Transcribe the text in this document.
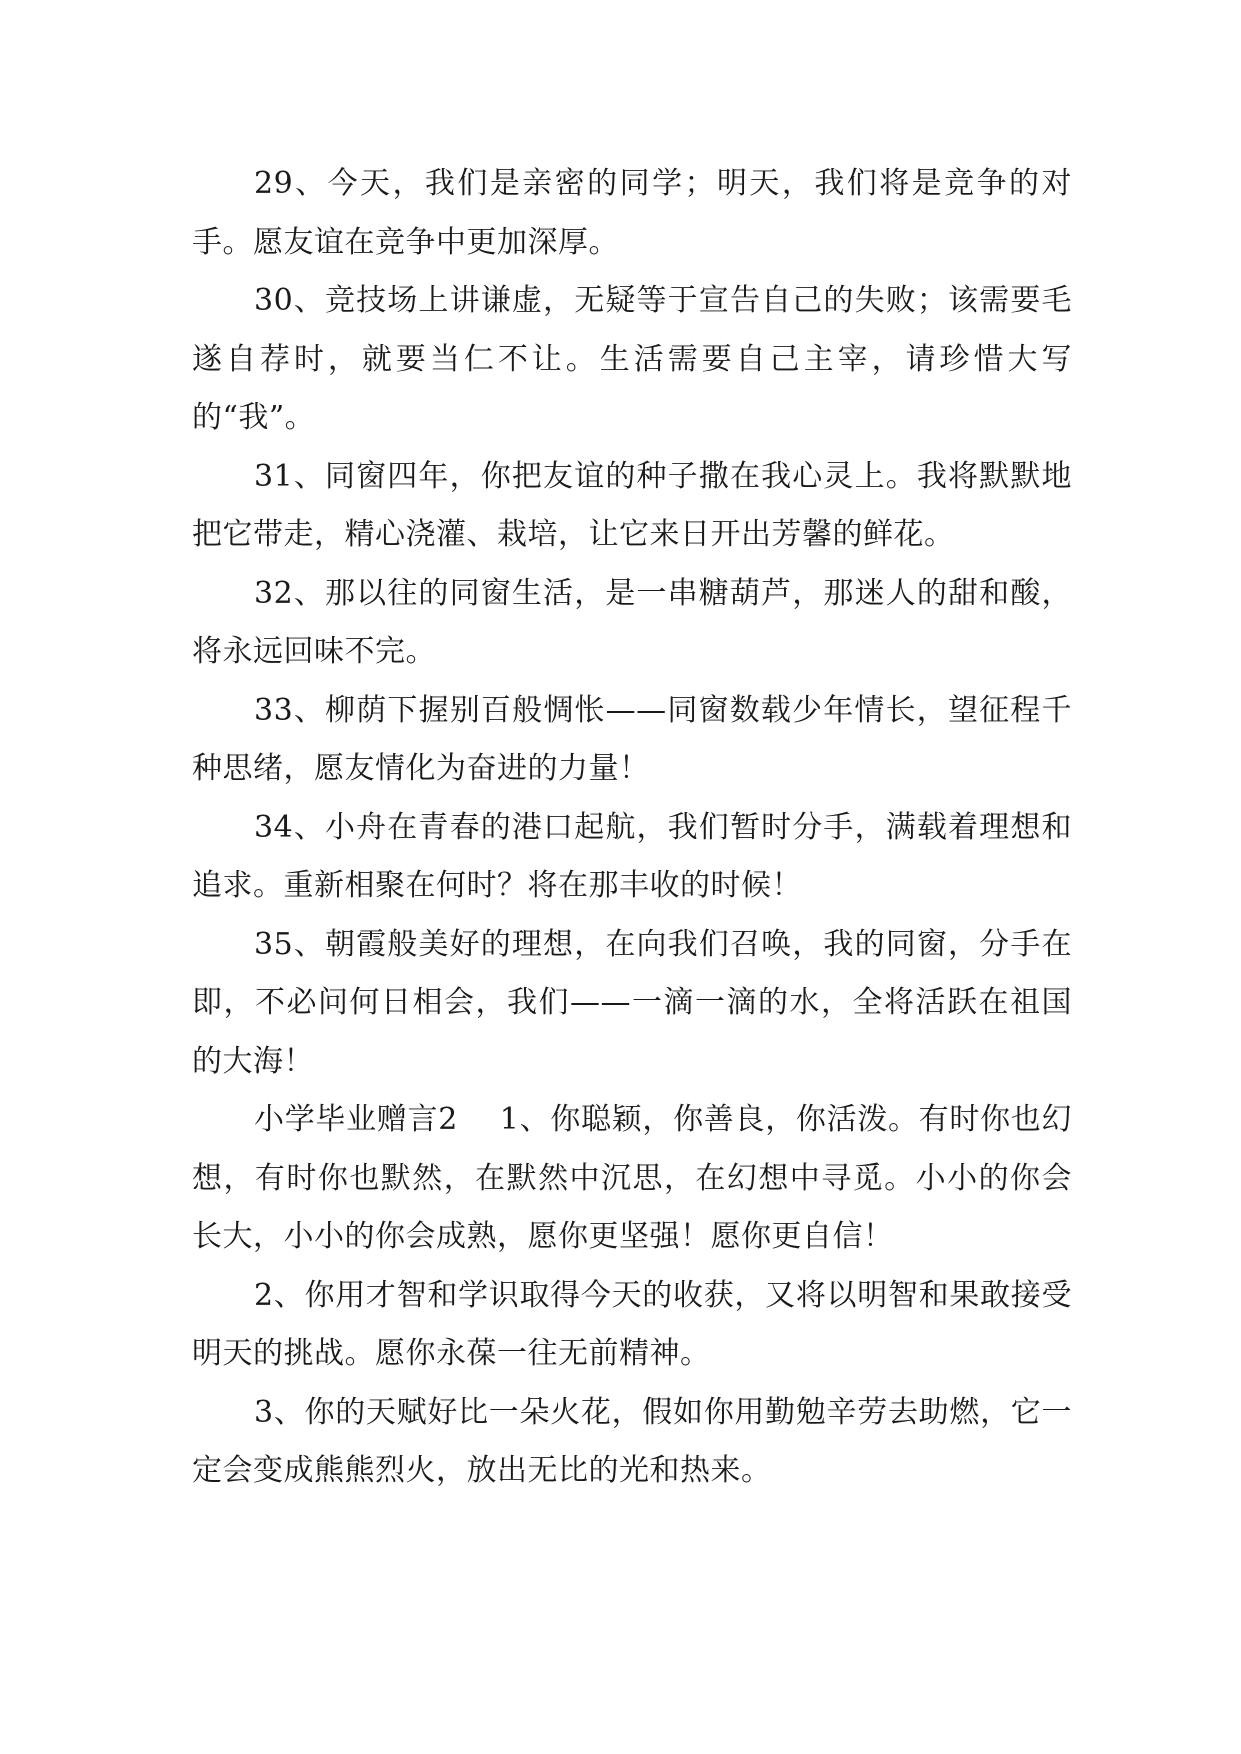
29、今天，我们是亲密的同学；明天，我们将是竞争的对手。愿友谊在竞争中更加深厚。

30、竞技场上讲谦虚，无疑等于宣告自己的失败；该需要毛遂自荐时，就要当仁不让。生活需要自己主宰，请珍惜大写的“我”。

31、同窗四年，你把友谊的种子撒在我心灵上。我将默默地把它带走，精心浇灌、栽培，让它来日开出芳馨的鲜花。

32、那以往的同窗生活，是一串糖葫芦，那迷人的甜和酸，将永远回味不完。

33、柳荫下握别百般惆怅——同窗数载少年情长，望征程千种思绪，愿友情化为奋进的力量！

34、小舟在青春的港口起航，我们暂时分手，满载着理想和追求。重新相聚在何时？将在那丰收的时候！

35、朝霞般美好的理想，在向我们召唤，我的同窗，分手在即，不必问何日相会，我们——一滴一滴的水，全将活跃在祖国的大海！

小学毕业赠言2 1、你聪颖，你善良，你活泼。有时你也幻想，有时你也默然，在默然中沉思，在幻想中寻觅。小小的你会长大，小小的你会成熟，愿你更坚强！愿你更自信！

2、你用才智和学识取得今天的收获，又将以明智和果敢接受明天的挑战。愿你永葆一往无前精神。

3、你的天赋好比一朵火花，假如你用勤勉辛劳去助燃，它一定会变成熊熊烈火，放出无比的光和热来。
